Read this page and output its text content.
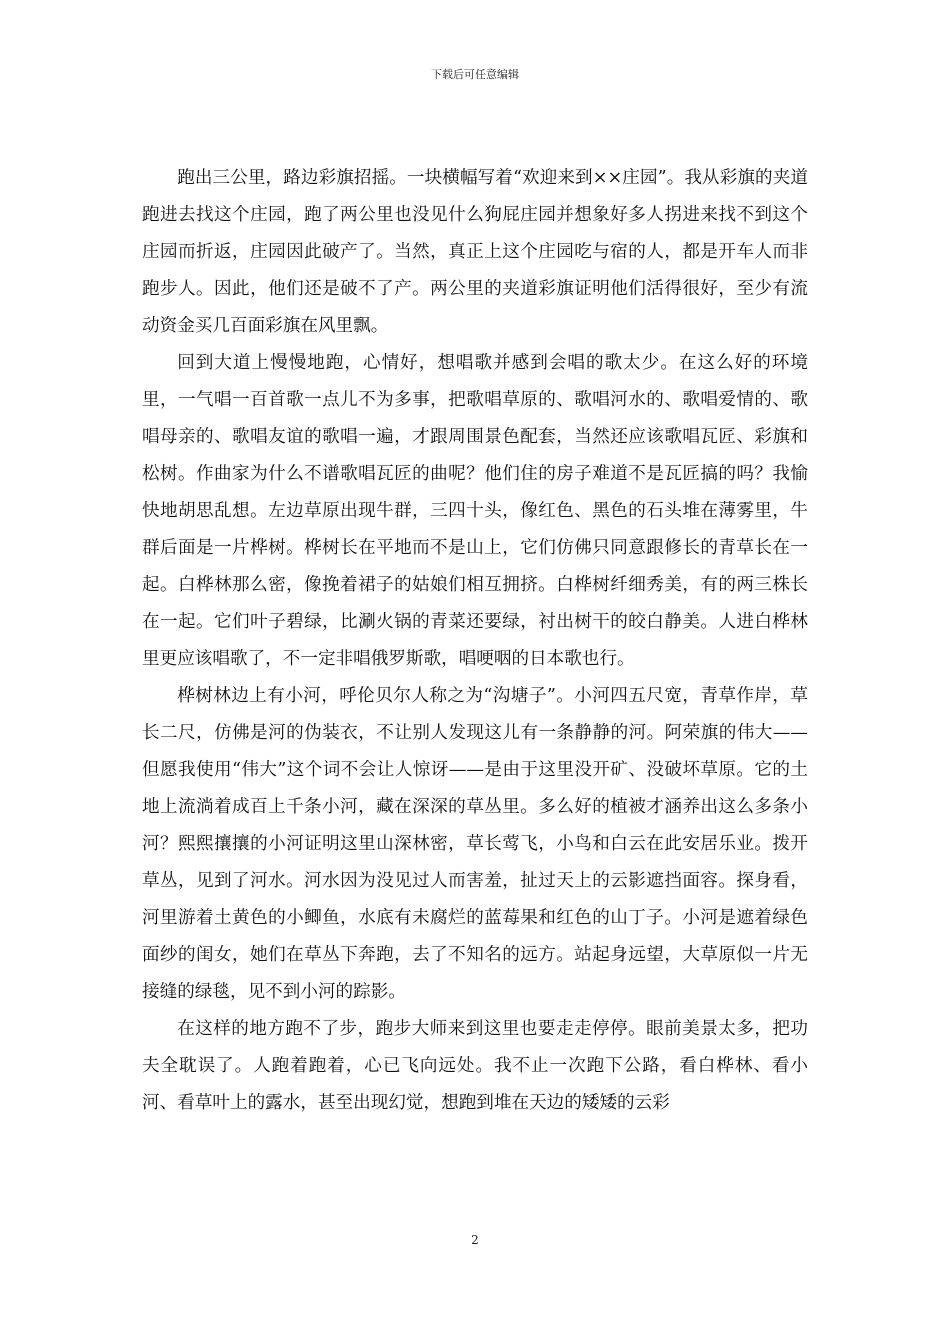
下载后可任意编辑

跑出三公里，路边彩旗招摇。一块横幅写着“欢迎来到××庄园”。我从彩旗的夹道跑进去找这个庄园，跑了两公里也没见什么狗屁庄园并想象好多人拐进来找不到这个庄园而折返，庄园因此破产了。当然，真正上这个庄园吃与宿的人，都是开车人而非跑步人。因此，他们还是破不了产。两公里的夹道彩旗证明他们活得很好，至少有流动资金买几百面彩旗在风里飘。

回到大道上慢慢地跑，心情好，想唱歌并感到会唱的歌太少。在这么好的环境里，一气唱一百首歌一点儿不为多事，把歌唱草原的、歌唱河水的、歌唱爱情的、歌唱母亲的、歌唱友谊的歌唱一遍，才跟周围景色配套，当然还应该歌唱瓦匠、彩旗和松树。作曲家为什么不谱歌唱瓦匠的曲呢？他们住的房子难道不是瓦匠搞的吗？我愉快地胡思乱想。左边草原出现牛群，三四十头，像红色、黑色的石头堆在薄雾里，牛群后面是一片桦树。桦树长在平地而不是山上，它们仿佛只同意跟修长的青草长在一起。白桦林那么密，像挽着裙子的姑娘们相互拥挤。白桦树纤细秀美，有的两三株长在一起。它们叶子碧绿，比涮火锅的青菜还要绿，衬出树干的皎白静美。人进白桦林里更应该唱歌了，不一定非唱俄罗斯歌，唱哽咽的日本歌也行。

桦树林边上有小河，呼伦贝尔人称之为“沟塘子”。小河四五尺宽，青草作岸，草长二尺，仿佛是河的伪装衣，不让别人发现这儿有一条静静的河。阿荣旗的伟大——但愿我使用“伟大”这个词不会让人惊讶——是由于这里没开矿、没破坏草原。它的土地上流淌着成百上千条小河，藏在深深的草丛里。多么好的植被才涵养出这么多条小河？熙熙攘攘的小河证明这里山深林密，草长莺飞，小鸟和白云在此安居乐业。拨开草丛，见到了河水。河水因为没见过人而害羞，扯过天上的云影遮挡面容。探身看，河里游着土黄色的小鲫鱼，水底有未腐烂的蓝莓果和红色的山丁子。小河是遮着绿色面纱的闺女，她们在草丛下奔跑，去了不知名的远方。站起身远望，大草原似一片无接缝的绿毯，见不到小河的踪影。

在这样的地方跑不了步，跑步大师来到这里也要走走停停。眼前美景太多，把功夫全耽误了。人跑着跑着，心已飞向远处。我不止一次跑下公路，看白桦林、看小河、看草叶上的露水，甚至出现幻觉，想跑到堆在天边的矮矮的云彩

2
